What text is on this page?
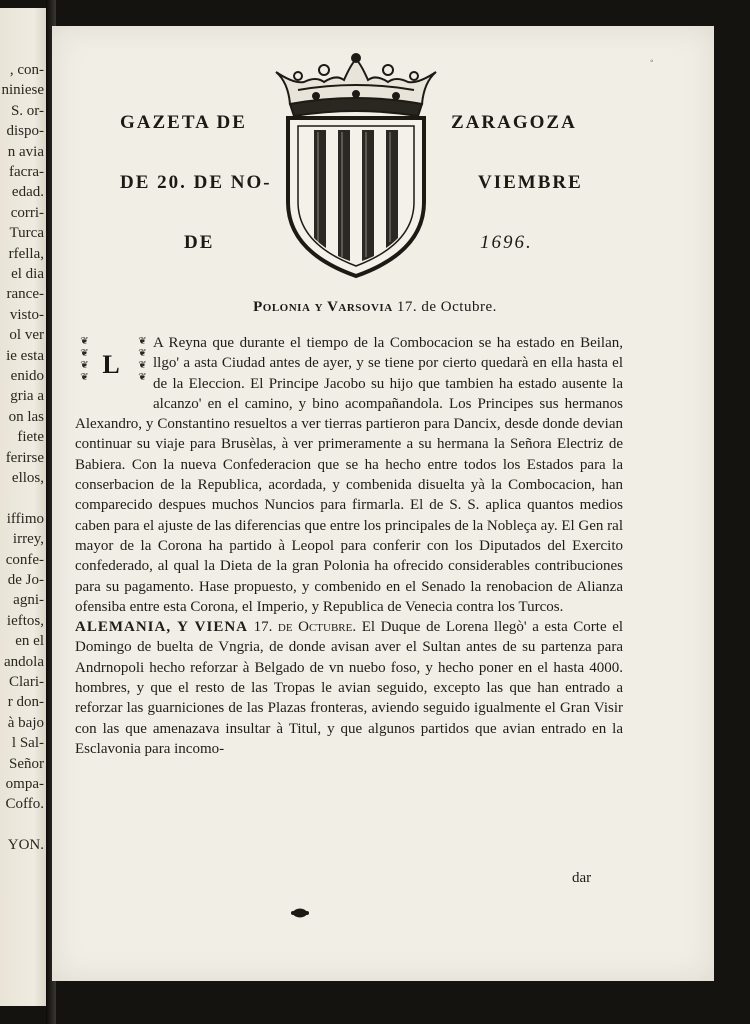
, con-
niniese
S. or-
dispo-
n avia
facra-
edad.
corri-
Turca
rfella,
el dia
rance-
visto-
ol ver
ie esta
enido
gria a
on las
fiete
ferirse
ellos,
iffimo
irrey,
confe-
de Jo-
agni-
ieftos,
en el
andola
Clari-
r don-
à bajo
l Sal-
Señor
ompa-
Coffo.
YON.
◦
GAZETA DE	ZARAGOZA
DE 20. DE NO-	VIEMBRE
DE	1696.
Polonia y Varsovia 17. de Octubre.
❦❦❦❦ L	❦❦❦❦ A Reyna que durante el tiempo de la Combocacion se ha estado en Beilan, llgo' a asta Ciudad antes de ayer, y se tiene por cierto quedarà en ella hasta el de la Eleccion. El Principe Jacobo su hijo que tambien ha estado ausente la alcanzo' en el camino, y bino acompañandola. Los Principes sus hermanos Alexandro, y Constantino resueltos a ver tierras partieron para Dancix, desde donde devian continuar su viaje para Brusèlas, à ver primeramente a su hermana la Señora Electriz de Babiera. Con la nueva Confederacion que se ha hecho entre todos los Estados para la conserbacion de la Republica, acordada, y combenida disuelta yà la Combocacion, han comparecido despues muchos Nuncios para firmarla. El de S. S. aplica quantos medios caben para el ajuste de las diferencias que entre los principales de la Nobleça ay. El Gen ral mayor de la Corona ha partido à Leopol para conferir con los Diputados del Exercito confederado, al qual la Dieta de la gran Polonia ha ofrecido considerables contribuciones para su pagamento. Hase propuesto, y combenido en el Senado la renobacion de Alianza ofensiba entre esta Corona, el Imperio, y Republica de Venecia contra los Turcos.
ALEMANIA, Y VIENA 17. de Octubre. El Duque de Lorena llegò' a esta Corte el Domingo de buelta de Vngria, de donde avisan aver el Sultan antes de su partenza para Andrnopoli hecho reforzar à Belgado de vn nuebo foso, y hecho poner en el hasta 4000. hombres, y que el resto de las Tropas le avian seguido, excepto las que han entrado a reforzar las guarniciones de las Plazas fronteras, aviendo seguido igualmente el Gran Visir con las que amenazava insultar à Titul, y que algunos partidos que avian entrado en la Esclavonia para incomo-
dar
